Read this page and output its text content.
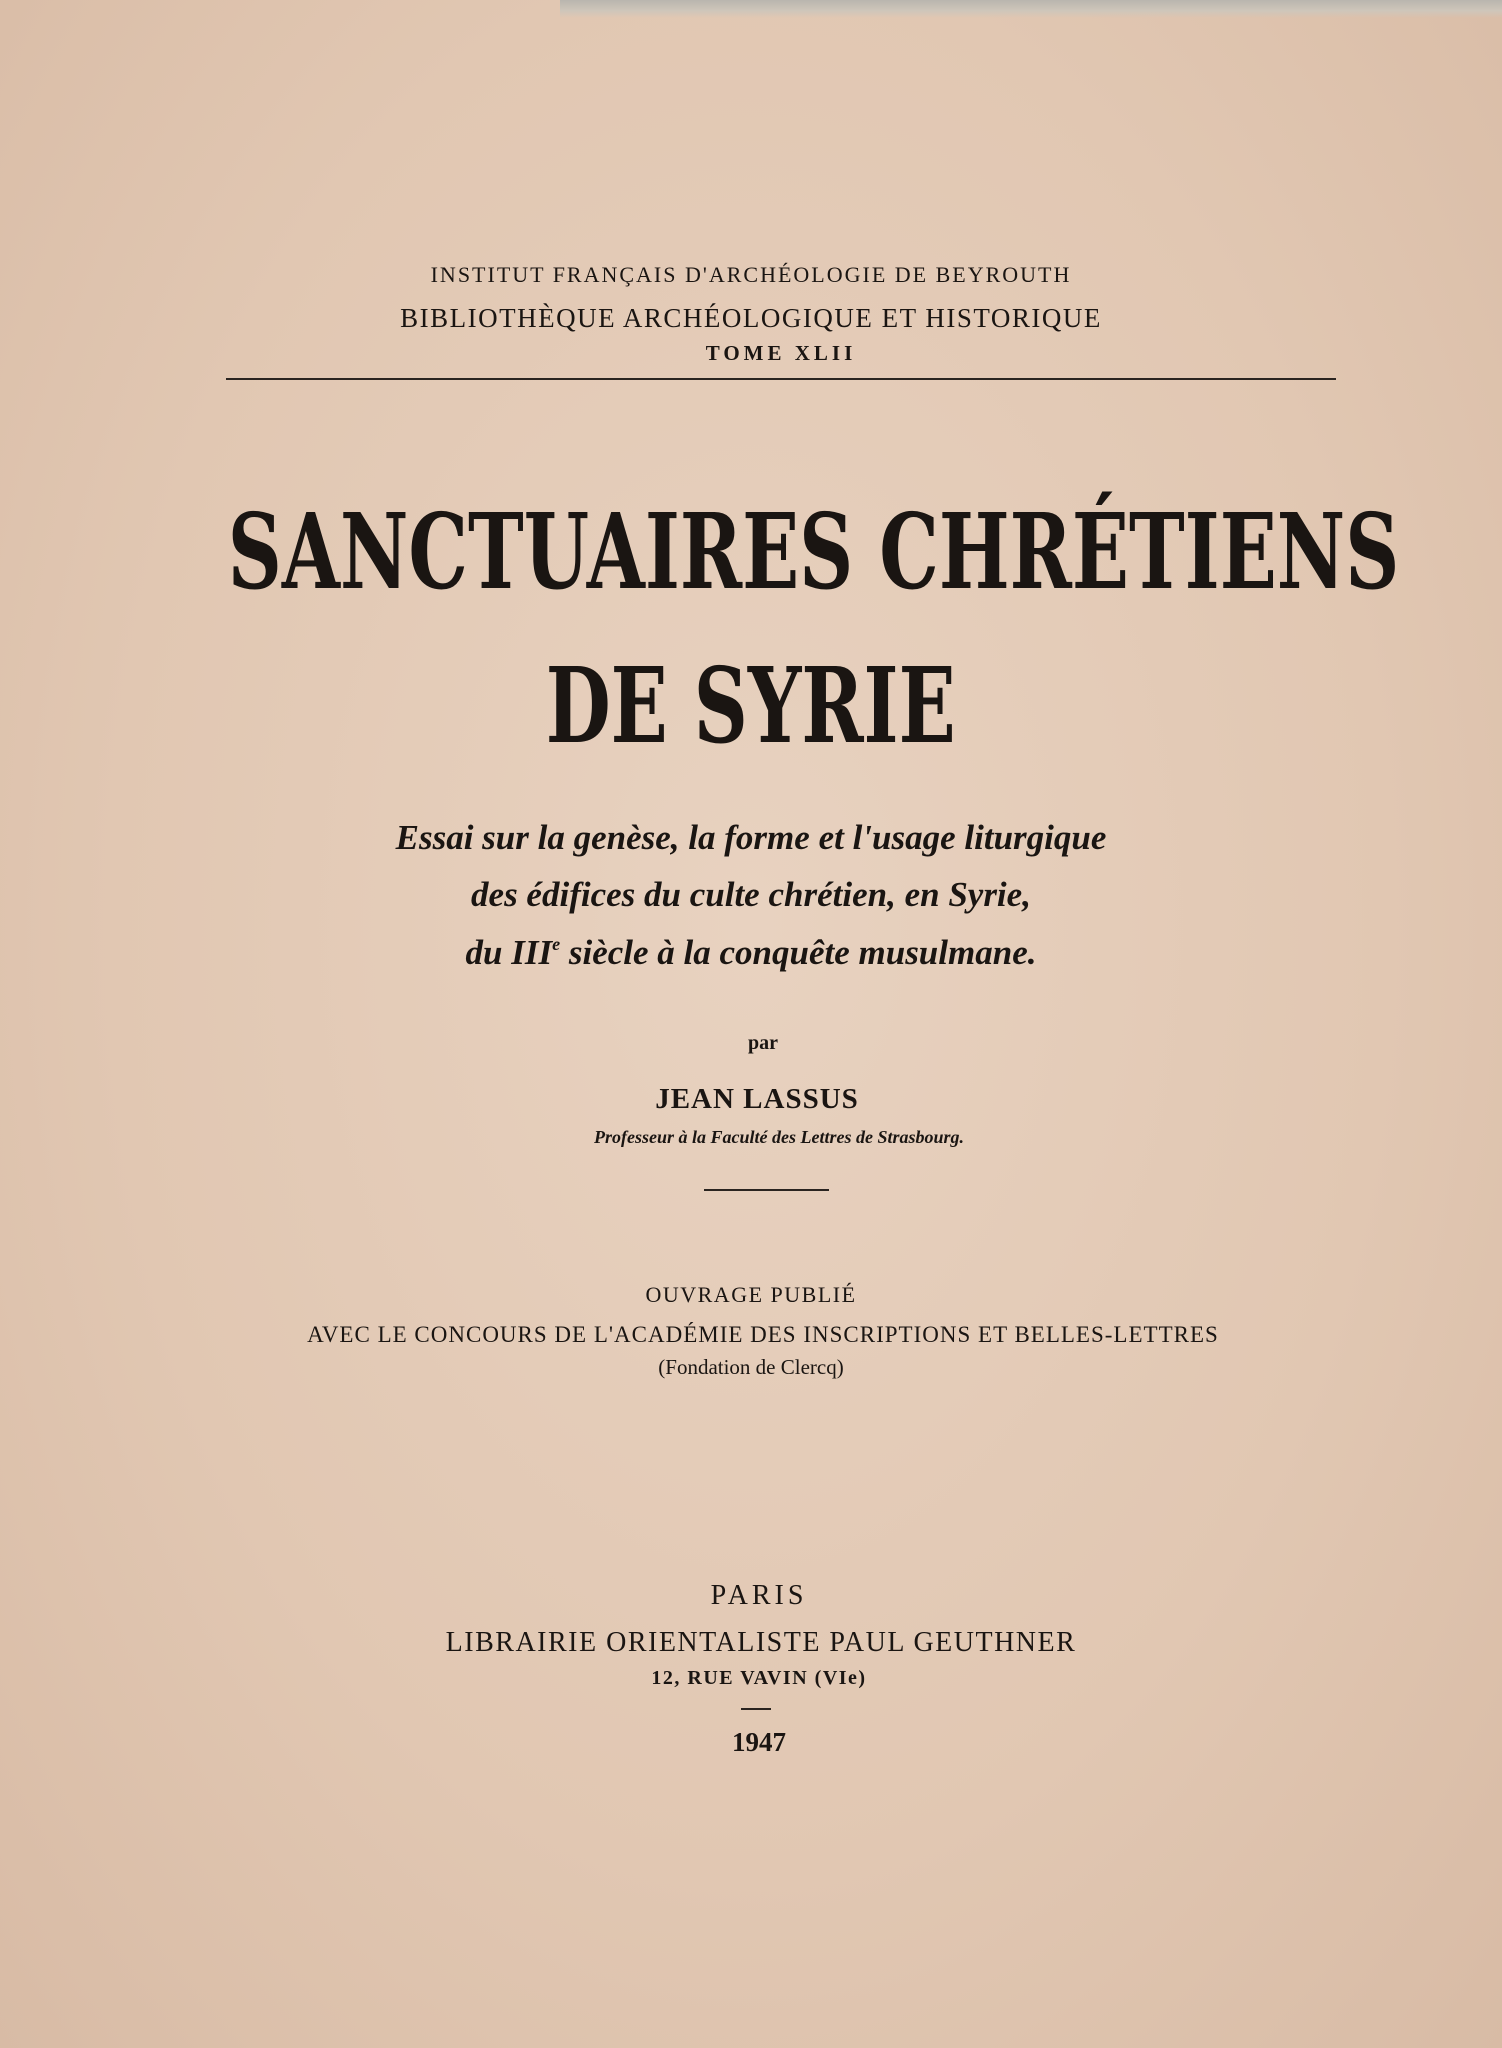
INSTITUT FRANÇAIS D'ARCHÉOLOGIE DE BEYROUTH

BIBLIOTHÈQUE ARCHÉOLOGIQUE ET HISTORIQUE

TOME XLII

SANCTUAIRES CHRÉTIENS
DE SYRIE

Essai sur la genèse, la forme et l'usage liturgique

des édifices du culte chrétien, en Syrie,

du IIIe siècle à la conquête musulmane.

par

JEAN LASSUS

Professeur à la Faculté des Lettres de Strasbourg.

OUVRAGE PUBLIÉ

AVEC LE CONCOURS DE L'ACADÉMIE DES INSCRIPTIONS ET BELLES-LETTRES

(Fondation de Clercq)

PARIS

LIBRAIRIE ORIENTALISTE PAUL GEUTHNER

12, RUE VAVIN (VIe)

1947
